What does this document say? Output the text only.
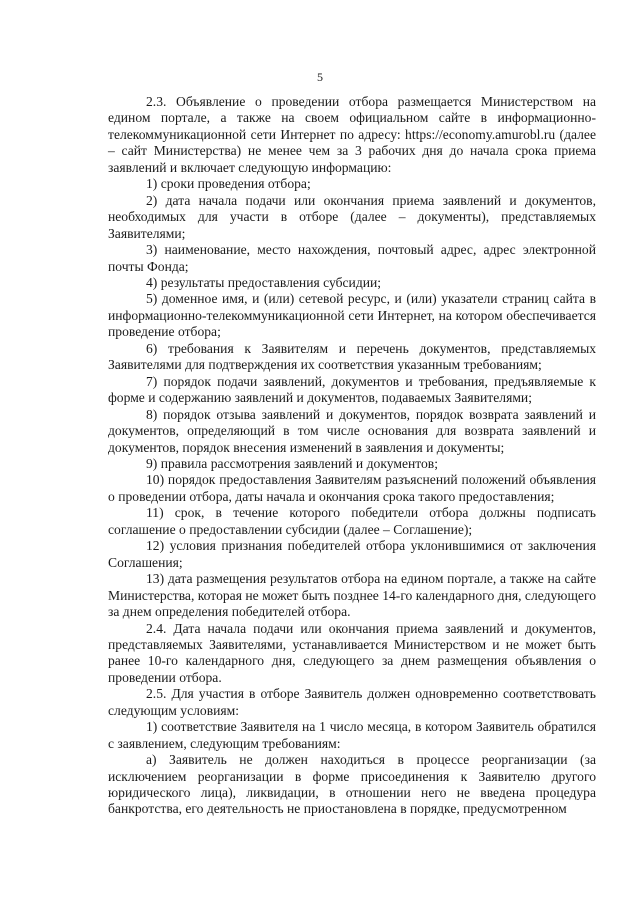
5

2.3. Объявление о проведении отбора размещается Министерством на едином портале, а также на своем официальном сайте в информационно-телекоммуникационной сети Интернет по адресу: https://economy.amurobl.ru (далее – сайт Министерства) не менее чем за 3 рабочих дня до начала срока приема заявлений и включает следующую информацию:

1) сроки проведения отбора;

2) дата начала подачи или окончания приема заявлений и документов, необходимых для участи в отборе (далее – документы), представляемых Заявителями;

3) наименование, место нахождения, почтовый адрес, адрес электронной почты Фонда;

4) результаты предоставления субсидии;

5) доменное имя, и (или) сетевой ресурс, и (или) указатели страниц сайта в информационно-телекоммуникационной сети Интернет, на котором обеспечивается проведение отбора;

6) требования к Заявителям и перечень документов, представляемых Заявителями для подтверждения их соответствия указанным требованиям;

7) порядок подачи заявлений, документов и требования, предъявляемые к форме и содержанию заявлений и документов, подаваемых Заявителями;

8) порядок отзыва заявлений и документов, порядок возврата заявлений и документов, определяющий в том числе основания для возврата заявлений и документов, порядок внесения изменений в заявления и документы;

9) правила рассмотрения заявлений и документов;

10) порядок предоставления Заявителям разъяснений положений объявления о проведении отбора, даты начала и окончания срока такого предоставления;

11) срок, в течение которого победители отбора должны подписать соглашение о предоставлении субсидии (далее – Соглашение);

12) условия признания победителей отбора уклонившимися от заключения Соглашения;

13) дата размещения результатов отбора на едином портале, а также на сайте Министерства, которая не может быть позднее 14-го календарного дня, следующего за днем определения победителей отбора.

2.4. Дата начала подачи или окончания приема заявлений и документов, представляемых Заявителями, устанавливается Министерством и не может быть ранее 10-го календарного дня, следующего за днем размещения объявления о проведении отбора.

2.5. Для участия в отборе Заявитель должен одновременно соответствовать следующим условиям:

1) соответствие Заявителя на 1 число месяца, в котором Заявитель обратился с заявлением, следующим требованиям:

а) Заявитель не должен находиться в процессе реорганизации (за исключением реорганизации в форме присоединения к Заявителю другого юридического лица), ликвидации, в отношении него не введена процедура банкротства, его деятельность не приостановлена в порядке, предусмотренном
